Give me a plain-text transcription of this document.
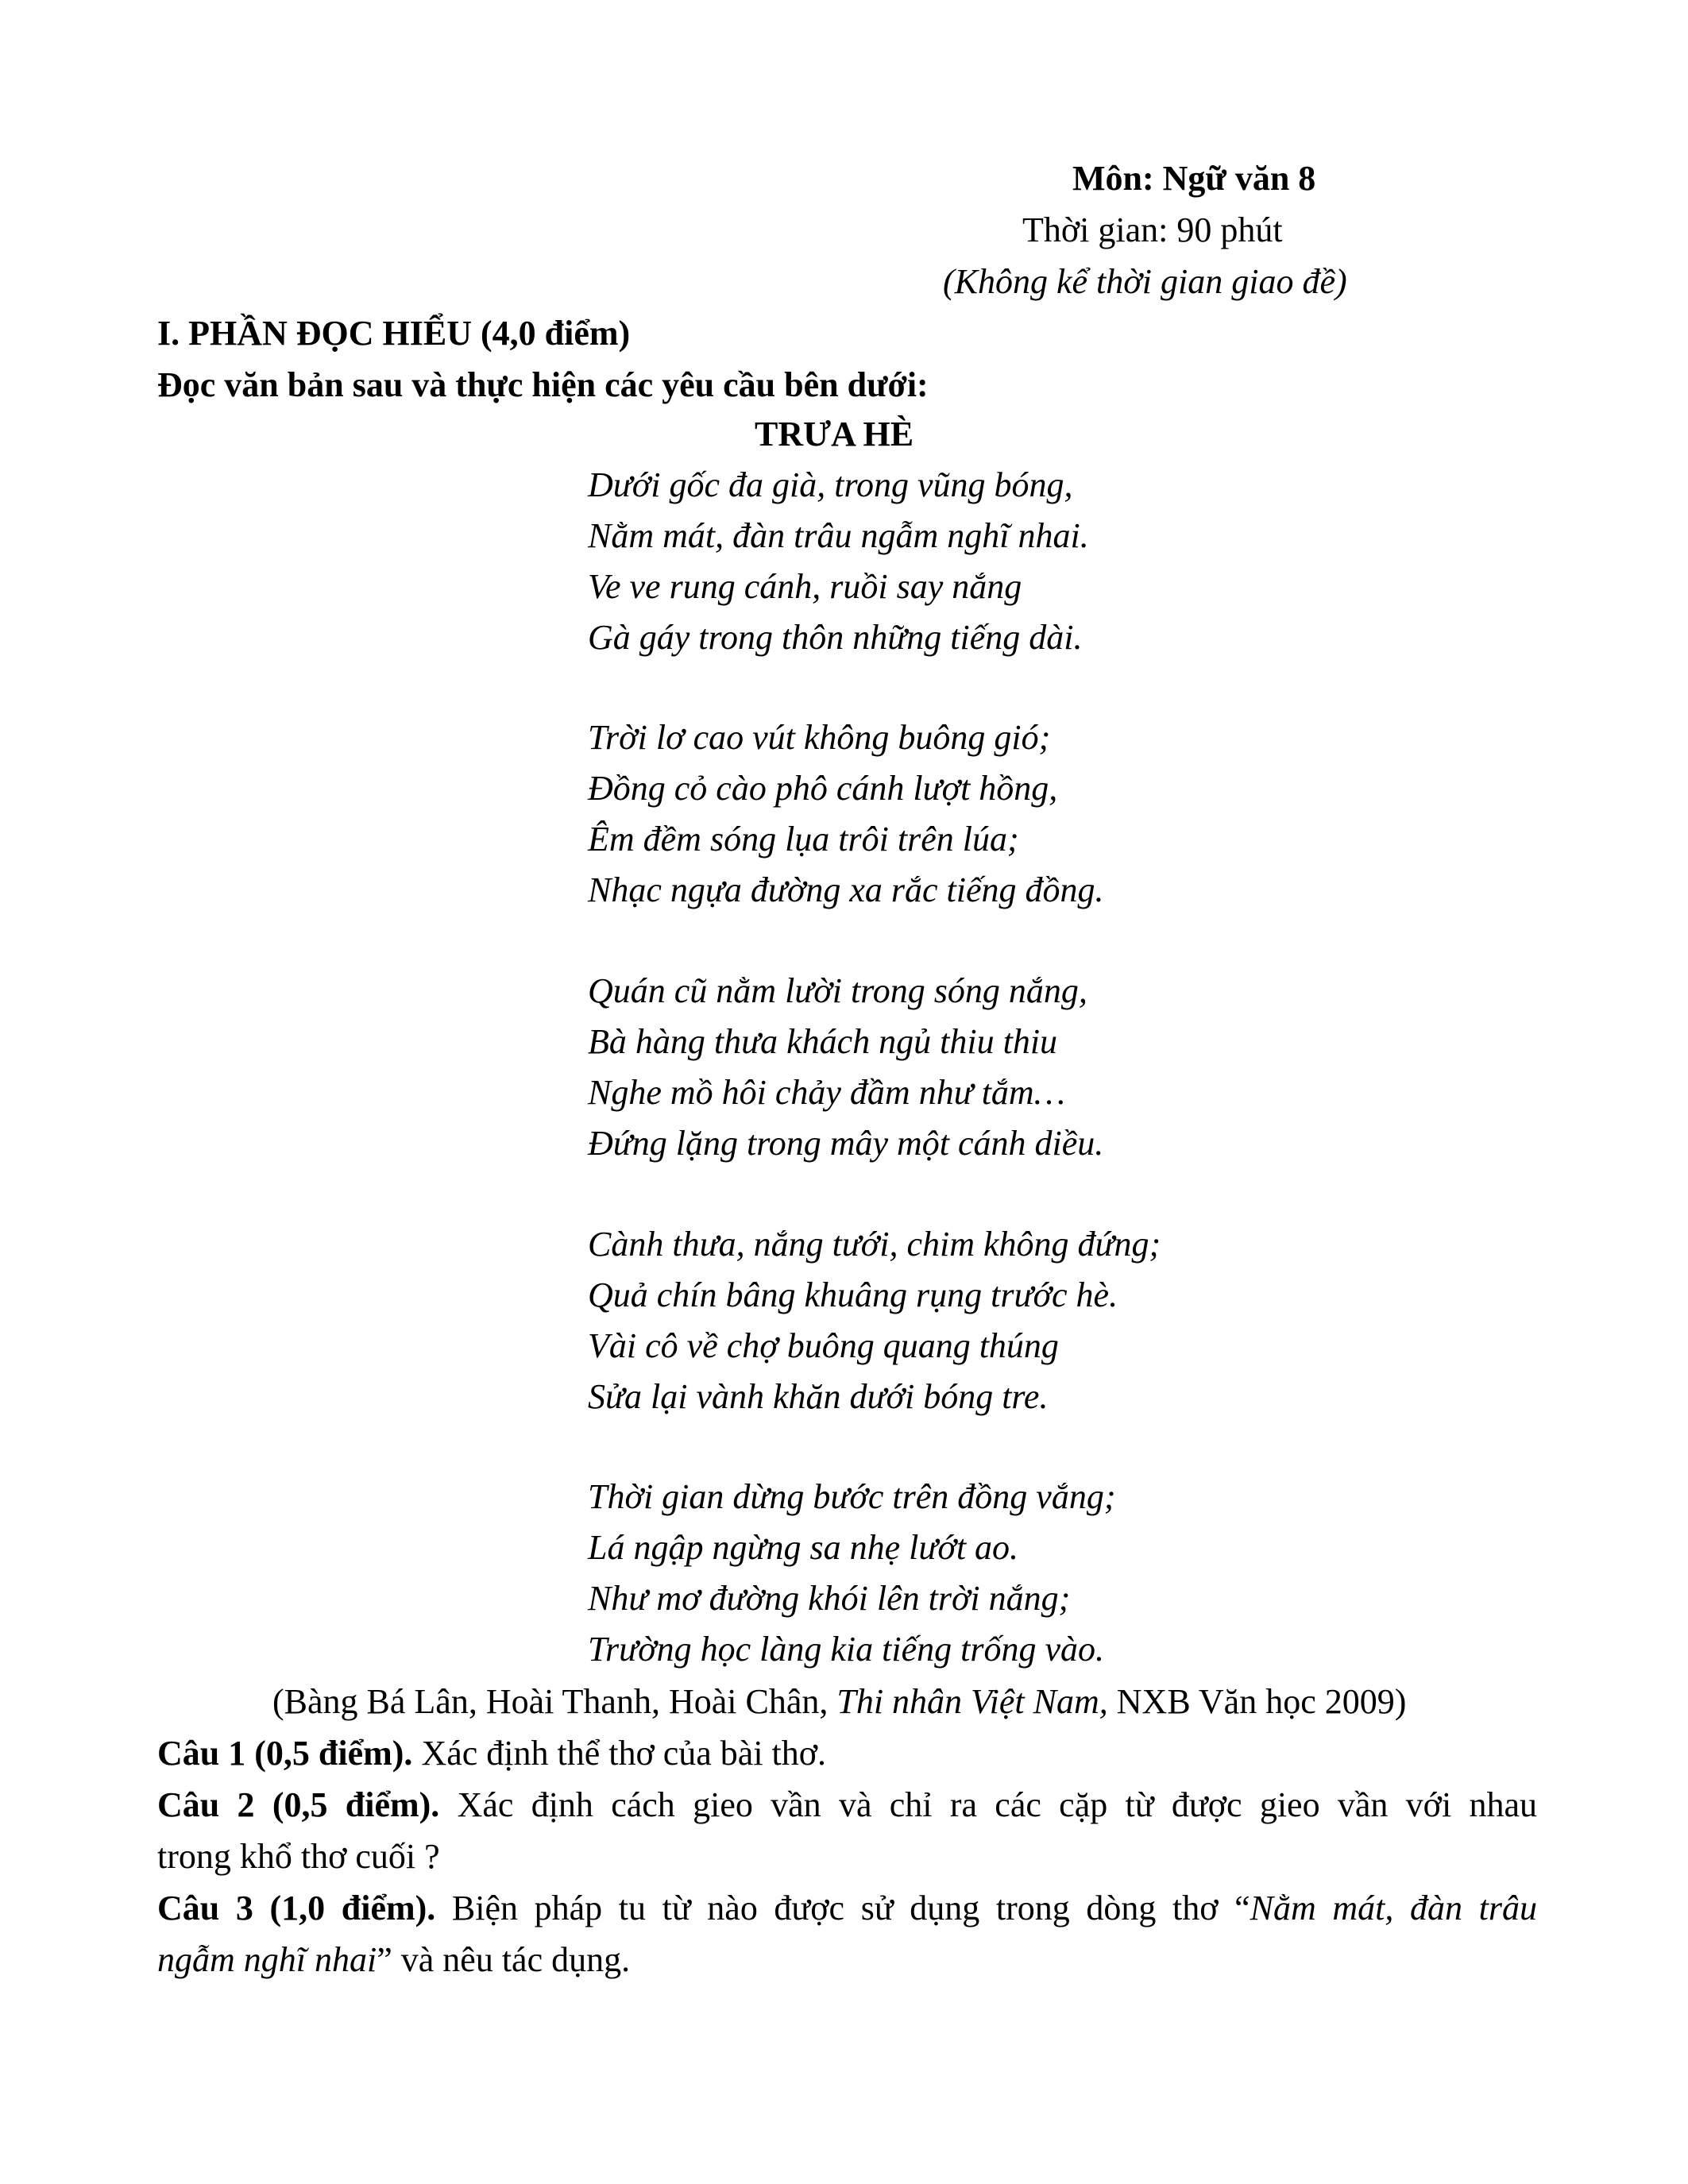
Môn: Ngữ văn 8
Thời gian: 90 phút
(Không kể thời gian giao đề)
I. PHẦN ĐỌC HIỂU (4,0 điểm)
Đọc văn bản sau và thực hiện các yêu cầu bên dưới:
TRƯA HÈ
Dưới gốc đa già, trong vũng bóng,
Nằm mát, đàn trâu ngẫm nghĩ nhai.
Ve ve rung cánh, ruồi say nắng
Gà gáy trong thôn những tiếng dài.
Trời lơ cao vút không buông gió;
Đồng cỏ cào phô cánh lượt hồng,
Êm đềm sóng lụa trôi trên lúa;
Nhạc ngựa đường xa rắc tiếng đồng.
Quán cũ nằm lười trong sóng nắng,
Bà hàng thưa khách ngủ thiu thiu
Nghe mồ hôi chảy đầm như tắm…
Đứng lặng trong mây một cánh diều.
Cành thưa, nắng tưới, chim không đứng;
Quả chín bâng khuâng rụng trước hè.
Vài cô về chợ buông quang thúng
Sửa lại vành khăn dưới bóng tre.
Thời gian dừng bước trên đồng vắng;
Lá ngập ngừng sa nhẹ lướt ao.
Như mơ đường khói lên trời nắng;
Trường học làng kia tiếng trống vào.
(Bàng Bá Lân, Hoài Thanh, Hoài Chân, Thi nhân Việt Nam, NXB Văn học 2009)
Câu 1 (0,5 điểm). Xác định thể thơ của bài thơ.
Câu 2 (0,5 điểm). Xác định cách gieo vần và chỉ ra các cặp từ được gieo vần với nhau
trong khổ thơ cuối ?
Câu 3 (1,0 điểm). Biện pháp tu từ nào được sử dụng trong dòng thơ “Nằm mát, đàn trâu
ngẫm nghĩ nhai” và nêu tác dụng.
